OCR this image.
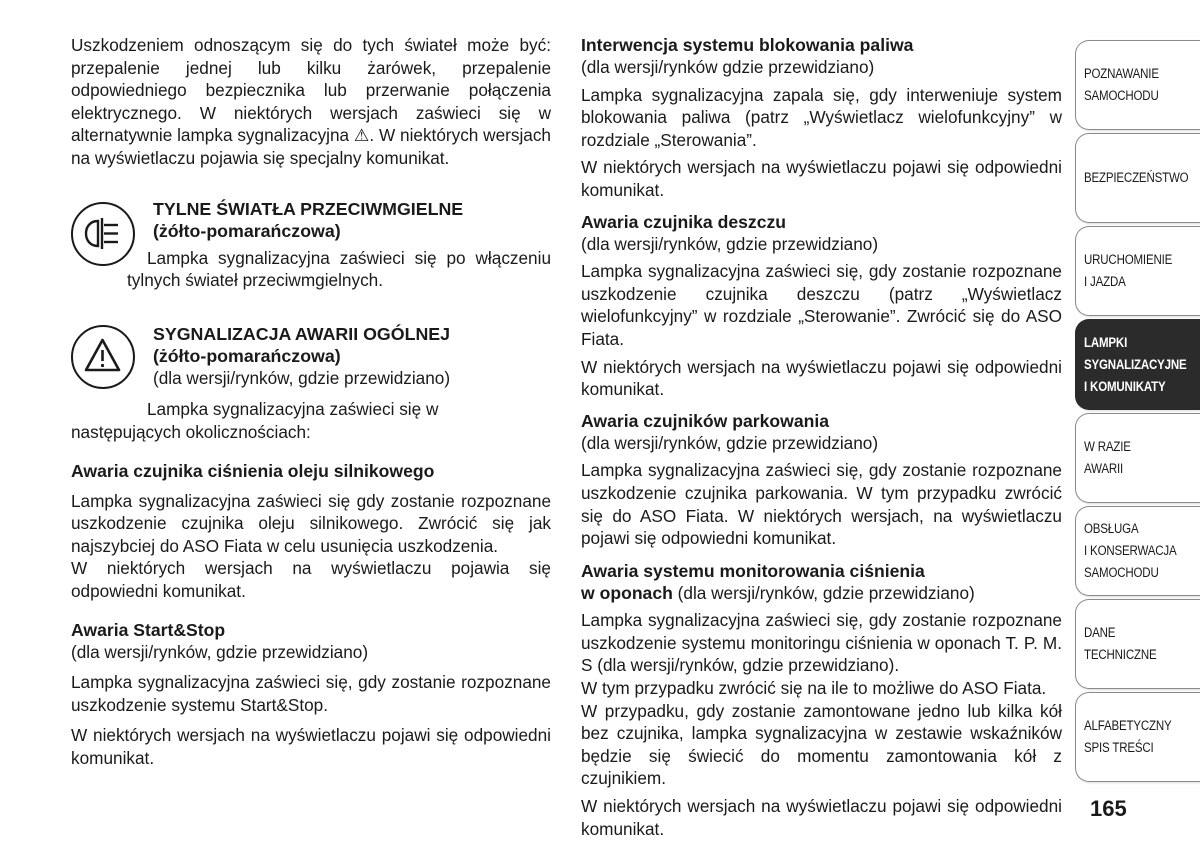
Uszkodzeniem odnoszącym się do tych świateł może być: przepalenie jednej lub kilku żarówek, przepalenie odpowiedniego bezpiecznika lub przerwanie połączenia elektrycznego. W niektórych wersjach zaświeci się w alternatywnie lampka sygnalizacyjna ⚠. W niektórych wersjach na wyświetlaczu pojawia się specjalny komunikat.

TYLNE ŚWIATŁA PRZECIWMGIELNE

(żółto-pomarańczowa)

Lampka sygnalizacyjna zaświeci się po włączeniu tylnych świateł przeciwmgielnych.

SYGNALIZACJA AWARII OGÓLNEJ

(żółto-pomarańczowa)

(dla wersji/rynków, gdzie przewidziano)

Lampka sygnalizacyjna zaświeci się w następujących okolicznościach:

Awaria czujnika ciśnienia oleju silnikowego

Lampka sygnalizacyjna zaświeci się gdy zostanie rozpoznane uszkodzenie czujnika oleju silnikowego. Zwrócić się jak najszybciej do ASO Fiata w celu usunięcia uszkodzenia.

W niektórych wersjach na wyświetlaczu pojawia się odpowiedni komunikat.

Awaria Start&Stop

(dla wersji/rynków, gdzie przewidziano)

Lampka sygnalizacyjna zaświeci się, gdy zostanie rozpoznane uszkodzenie systemu Start&Stop.

W niektórych wersjach na wyświetlaczu pojawi się odpowiedni komunikat.

Interwencja systemu blokowania paliwa

(dla wersji/rynków gdzie przewidziano)

Lampka sygnalizacyjna zapala się, gdy interweniuje system blokowania paliwa (patrz „Wyświetlacz wielofunkcyjny” w rozdziale „Sterowania”.

W niektórych wersjach na wyświetlaczu pojawi się odpowiedni komunikat.

Awaria czujnika deszczu

(dla wersji/rynków, gdzie przewidziano)

Lampka sygnalizacyjna zaświeci się, gdy zostanie rozpoznane uszkodzenie czujnika deszczu (patrz „Wyświetlacz wielofunkcyjny” w rozdziale „Sterowanie”. Zwrócić się do ASO Fiata.

W niektórych wersjach na wyświetlaczu pojawi się odpowiedni komunikat.

Awaria czujników parkowania

(dla wersji/rynków, gdzie przewidziano)

Lampka sygnalizacyjna zaświeci się, gdy zostanie rozpoznane uszkodzenie czujnika parkowania. W tym przypadku zwrócić się do ASO Fiata. W niektórych wersjach, na wyświetlaczu pojawi się odpowiedni komunikat.

Awaria systemu monitorowania ciśnienia

w oponach (dla wersji/rynków, gdzie przewidziano)

Lampka sygnalizacyjna zaświeci się, gdy zostanie rozpoznane uszkodzenie systemu monitoringu ciśnienia w oponach T. P. M. S (dla wersji/rynków, gdzie przewidziano).

W tym przypadku zwrócić się na ile to możliwe do ASO Fiata.

W przypadku, gdy zostanie zamontowane jedno lub kilka kół bez czujnika, lampka sygnalizacyjna w zestawie wskaźników będzie się świecić do momentu zamontowania kół z czujnikiem.

W niektórych wersjach na wyświetlaczu pojawi się odpowiedni komunikat.

POZNAWANIE
SAMOCHODU
BEZPIECZEŃSTWO
URUCHOMIENIE
I JAZDA
LAMPKI
SYGNALIZACYJNE
I KOMUNIKATY
W RAZIE
AWARII
OBSŁUGA
I KONSERWACJA
SAMOCHODU
DANE
TECHNICZNE
ALFABETYCZNY
SPIS TREŚCI
165
